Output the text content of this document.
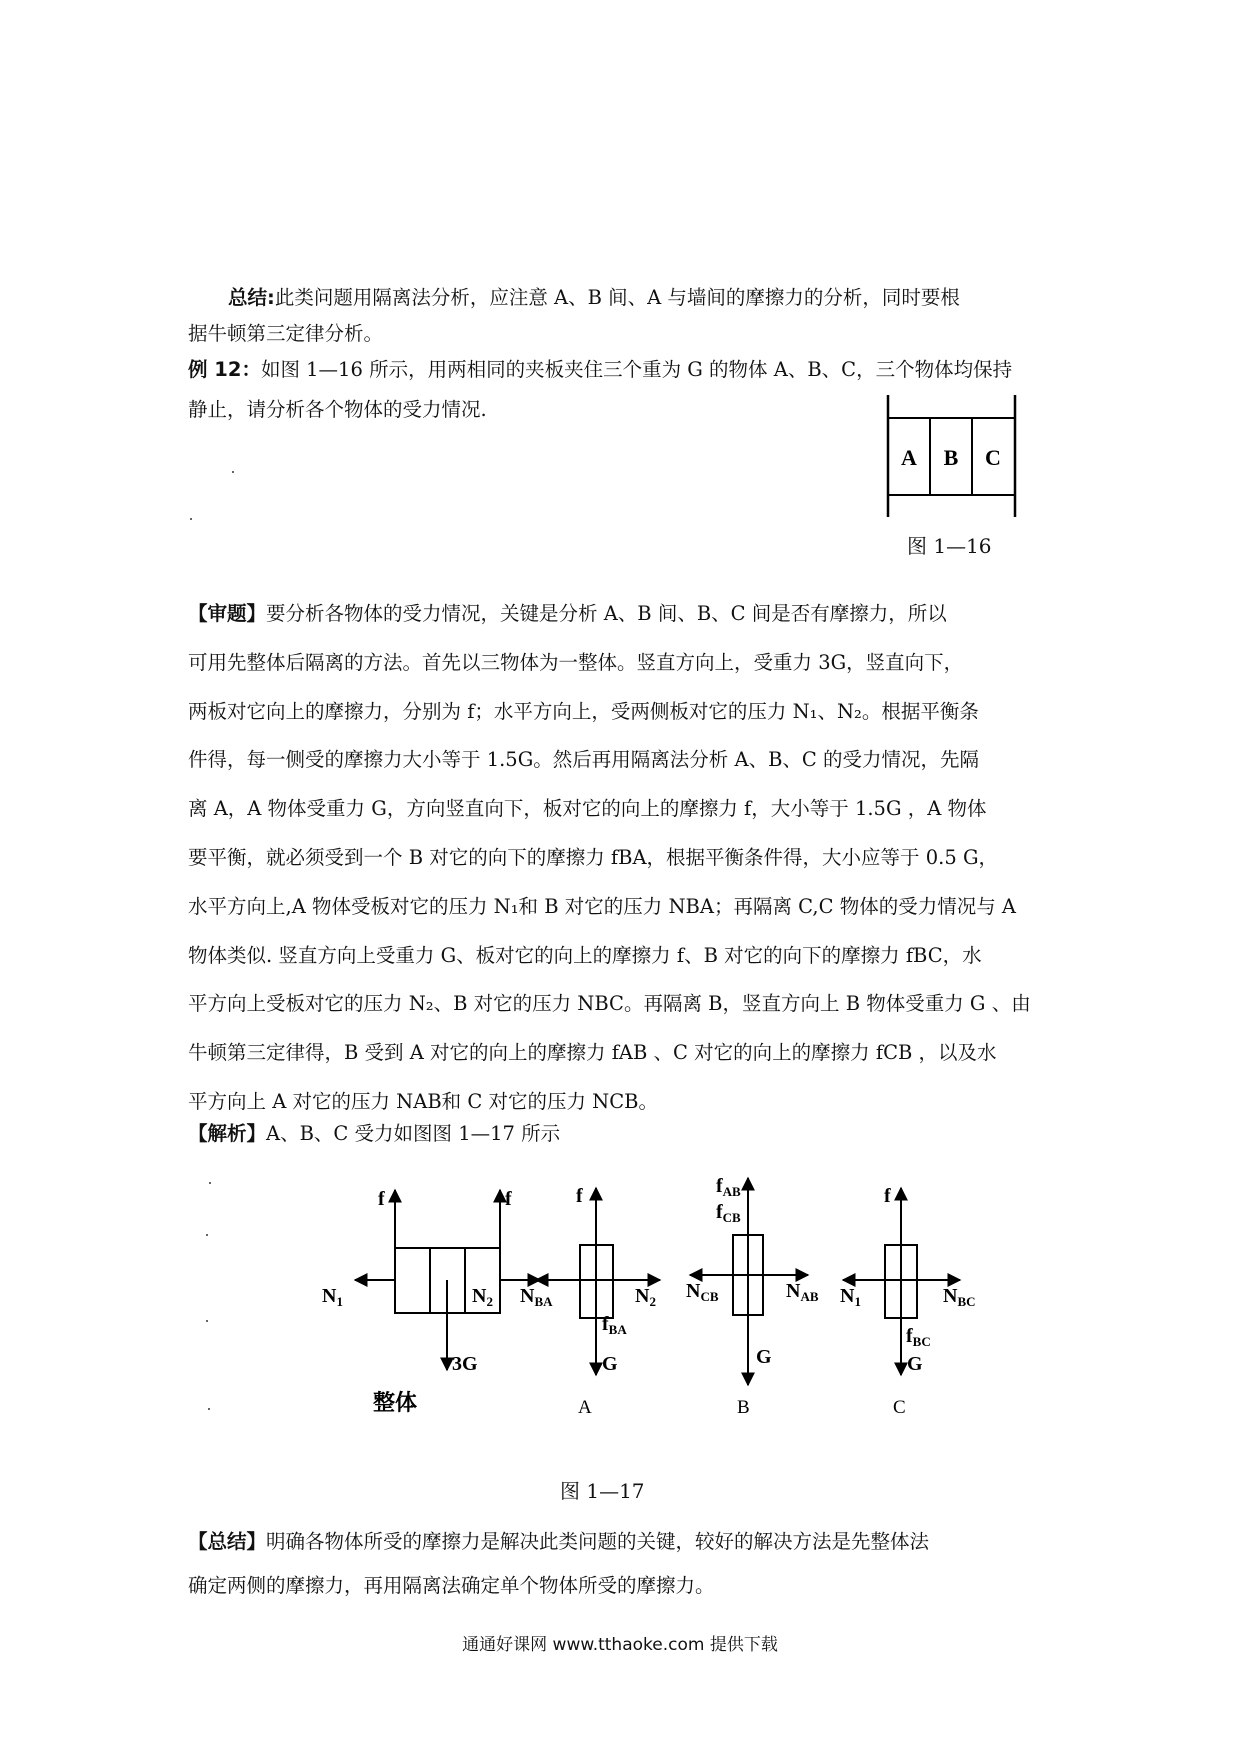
总结:此类问题用隔离法分析，应注意 A、B 间、A 与墙间的摩擦力的分析，同时要根
据牛顿第三定律分析。

例 12：如图 1—16 所示，用两相同的夹板夹住三个重为 G 的物体 A、B、C，三个物体均保持
静止，请分析各个物体的受力情况.

A B C
图 1—16
【审题】要分析各物体的受力情况，关键是分析 A、B 间、B、C 间是否有摩擦力，所以
可用先整体后隔离的方法。首先以三物体为一整体。竖直方向上，受重力 3G，竖直向下，
两板对它向上的摩擦力，分别为 f；水平方向上，受两侧板对它的压力 N₁、N₂。根据平衡条
件得，每一侧受的摩擦力大小等于 1.5G。然后再用隔离法分析 A、B、C 的受力情况，先隔
离 A，A 物体受重力 G，方向竖直向下，板对它的向上的摩擦力 f，大小等于 1.5G ，A 物体
要平衡，就必须受到一个 B 对它的向下的摩擦力 fBA，根据平衡条件得，大小应等于 0.5 G，
水平方向上,A 物体受板对它的压力 N₁和 B 对它的压力 NBA；再隔离 C,C 物体的受力情况与 A
物体类似. 竖直方向上受重力 G、板对它的向上的摩擦力 f、B 对它的向下的摩擦力 fBC，水
平方向上受板对它的压力 N₂、B 对它的压力 NBC。再隔离 B，竖直方向上 B 物体受重力 G 、由
牛顿第三定律得，B 受到 A 对它的向上的摩擦力 fAB 、C 对它的向上的摩擦力 fCB ，以及水
平方向上 A 对它的压力 NAB和 C 对它的压力 NCB。
【解析】A、B、C 受力如图图 1—17 所示
f	f
$N_1$	$N_2$
3G
整体
f
$N_{BA}$	$N_2$
$f_{BA}$
G
A
$f_{AB}$
$f_{CB}$
$N_{CB}$	$N_{AB}$
G
B
f
$N_1$	$N_{BC}$
$f_{BC}$
G
C
图 1—17
【总结】明确各物体所受的摩擦力是解决此类问题的关键，较好的解决方法是先整体法
确定两侧的摩擦力，再用隔离法确定单个物体所受的摩擦力。
通通好课网 www.tthaoke.com 提供下载
